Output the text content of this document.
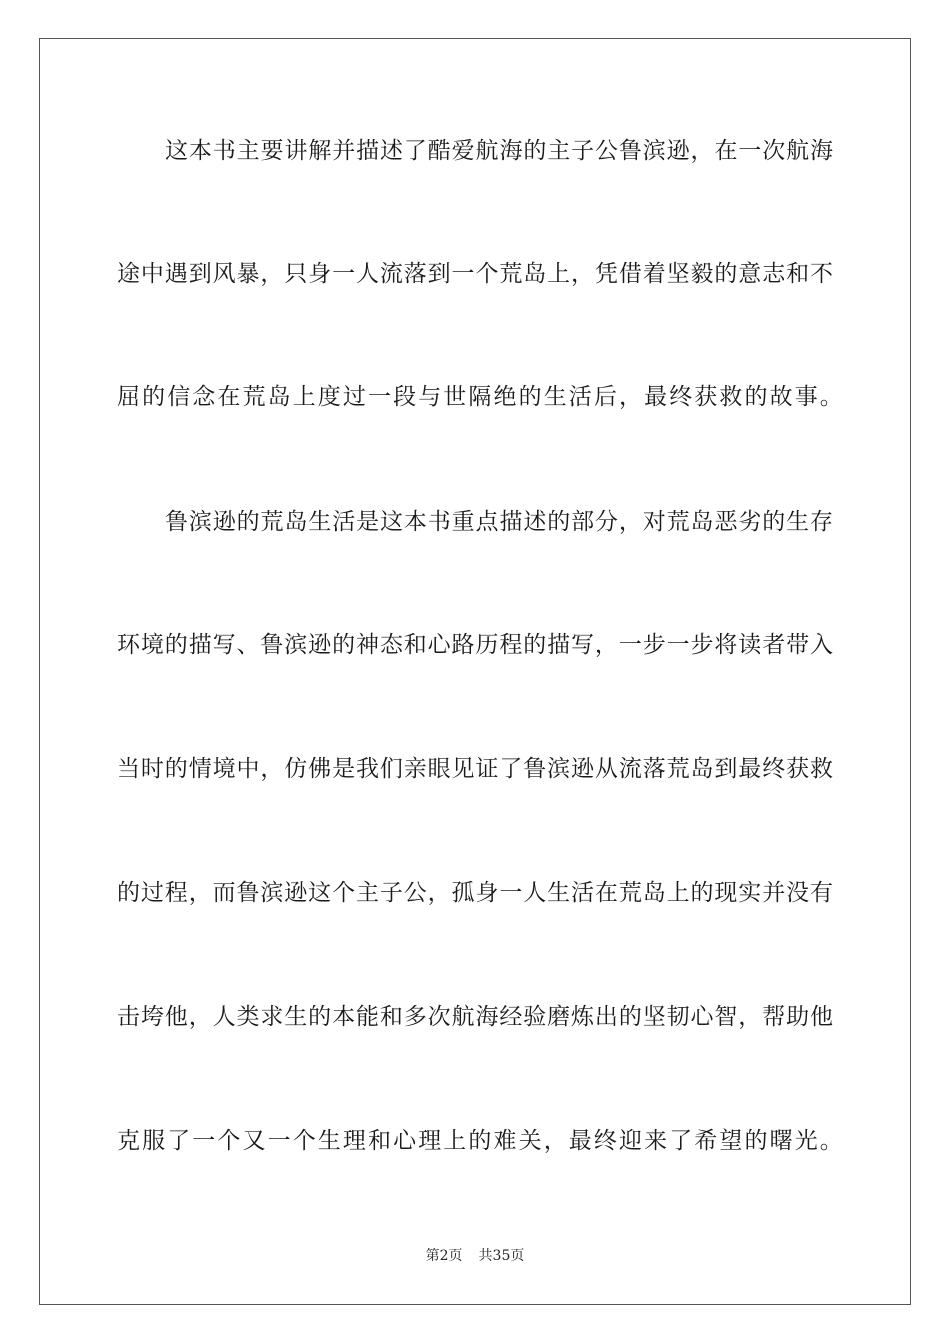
这本书主要讲解并描述了酷爱航海的主子公鲁滨逊，在一次航海
途中遇到风暴，只身一人流落到一个荒岛上，凭借着坚毅的意志和不
屈的信念在荒岛上度过一段与世隔绝的生活后，最终获救的故事。
鲁滨逊的荒岛生活是这本书重点描述的部分，对荒岛恶劣的生存
环境的描写、鲁滨逊的神态和心路历程的描写，一步一步将读者带入
当时的情境中，仿佛是我们亲眼见证了鲁滨逊从流落荒岛到最终获救
的过程，而鲁滨逊这个主子公，孤身一人生活在荒岛上的现实并没有
击垮他，人类求生的本能和多次航海经验磨炼出的坚韧心智，帮助他
克服了一个又一个生理和心理上的难关，最终迎来了希望的曙光。
第2页 共35页
